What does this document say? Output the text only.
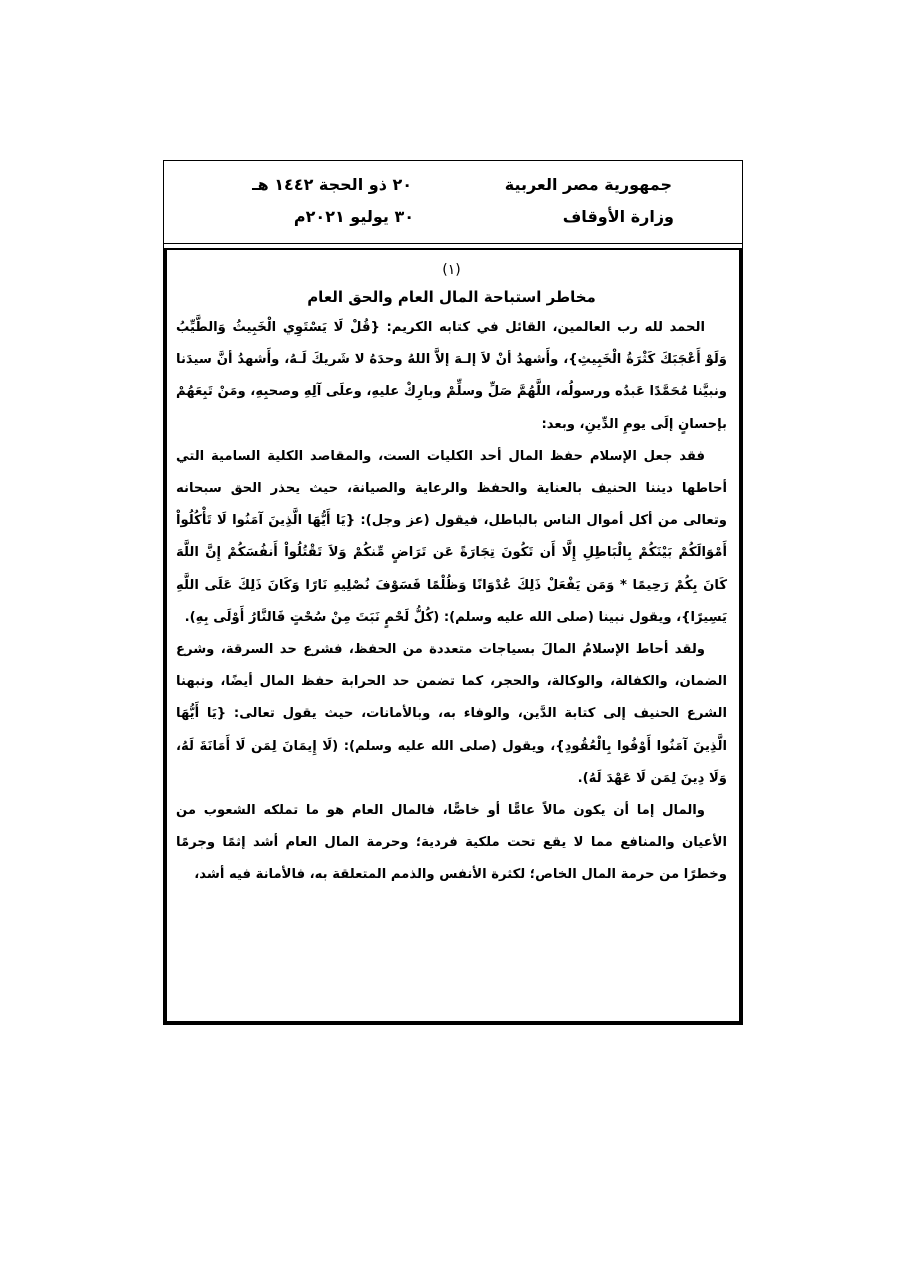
جمهورية مصر العربية
وزارة الأوقاف
٢٠ ذو الحجة ١٤٤٢ هـ
٣٠ يوليو ٢٠٢١م

(١)

مخاطر استباحة المال العام والحق العام

الحمد لله رب العالمين، القائل في كتابه الكريم: {قُلْ لَا يَسْتَوِي الْخَبِيثُ وَالطَّيِّبُ وَلَوْ أَعْجَبَكَ كَثْرَةُ الْخَبِيثِ}، وأَشهدُ أنْ لاَ إلـهَ إلاَّ اللهُ وحدَهُ لا شَريكَ لَـهُ، وأَشهدُ أنَّ سيدَنا ونبيَّنا مُحَمَّدًا عَبدُه ورسولُه، اللَّهُمَّ صَلِّ وسلِّمْ وبارِكْ عليهِ، وعلَى آلِهِ وصحبِهِ، ومَنْ تَبِعَهُمْ بإحسانٍ إلَى يومِ الدِّينِ، وبعد:

فقد جعل الإسلام حفظ المال أحد الكليات الست، والمقاصد الكلية السامية التي أحاطها ديننا الحنيف بالعناية والحفظ والرعاية والصيانة، حيث يحذر الحق سبحانه وتعالى من أكل أموال الناس بالباطل، فيقول (عز وجل): {يَا أَيُّهَا الَّذِينَ آمَنُوا لَا تَأْكُلُواْ أَمْوَالَكُمْ بَيْنَكُمْ بِالْبَاطِلِ إِلَّا أَن تَكُونَ تِجَارَةً عَن تَرَاضٍ مِّنكُمْ وَلاَ تَقْتُلُواْ أَنفُسَكُمْ إِنَّ اللَّهَ كَانَ بِكُمْ رَحِيمًا * وَمَن يَفْعَلْ ذَلِكَ عُدْوَانًا وَظُلْمًا فَسَوْفَ نُصْلِيهِ نَارًا وَكَانَ ذَلِكَ عَلَى اللَّهِ يَسِيرًا}، ويقول نبينا (صلى الله عليه وسلم): (كُلُّ لَحْمٍ نَبَتَ مِنْ سُحْتٍ فَالنَّارُ أَوْلَى بِهِ).

ولقد أحاط الإسلامُ المالَ بسياجات متعددة من الحفظ، فشرع حد السرقة، وشرع الضمان، والكفالة، والوكالة، والحجر، كما تضمن حد الحرابة حفظ المال أيضًا، ونبهنا الشرع الحنيف إلى كتابة الدَّين، والوفاء به، وبالأمانات، حيث يقول تعالى: {يَا أَيُّهَا الَّذِينَ آمَنُوا أَوْفُوا بِالْعُقُودِ}، ويقول (صلى الله عليه وسلم): (لَا إِيمَانَ لِمَن لَا أَمَانَةَ لَهُ، وَلَا دِينَ لِمَن لَا عَهْدَ لَهُ).

والمال إما أن يكون مالاً عامًّا أو خاصًّا، فالمال العام هو ما تملكه الشعوب من الأعيان والمنافع مما لا يقع تحت ملكية فردية؛ وحرمة المال العام أشد إثمًا وجرمًا وخطرًا من حرمة المال الخاص؛ لكثرة الأنفس والذمم المتعلقة به، فالأمانة فيه أشد،
